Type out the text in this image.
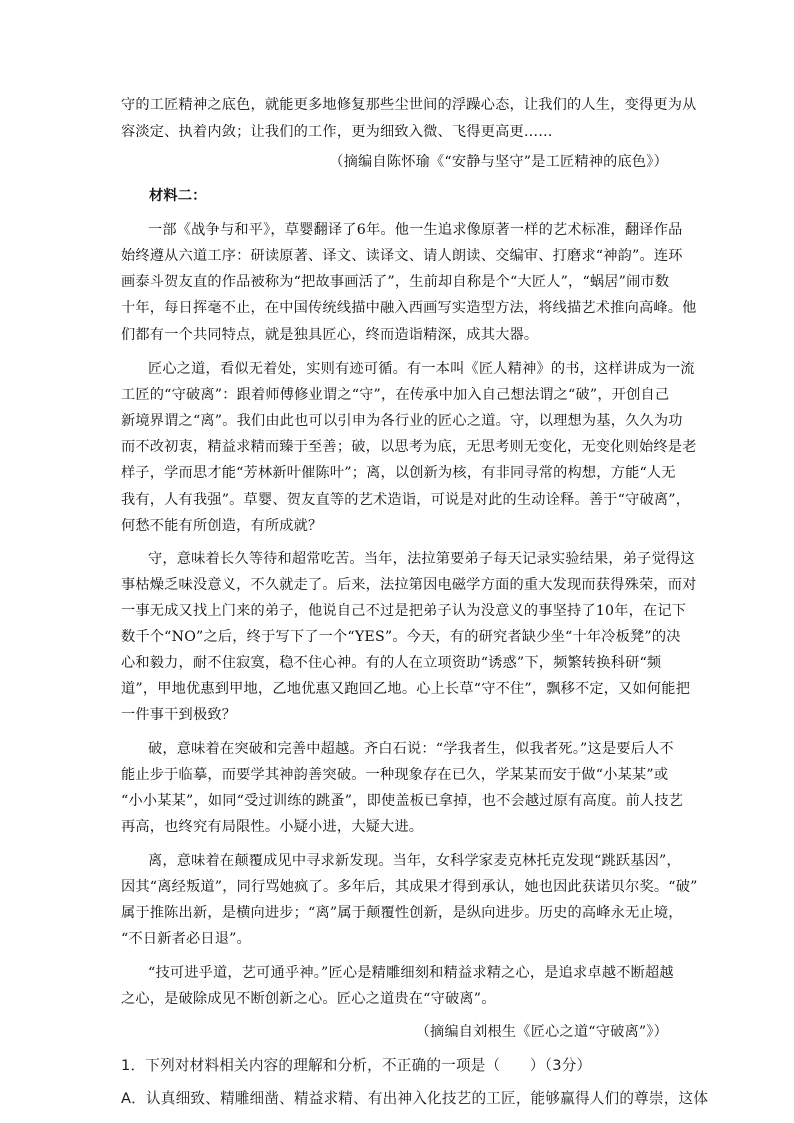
守的工匠精神之底色，就能更多地修复那些尘世间的浮躁心态，让我们的人生，变得更为从
容淡定、执着内敛；让我们的工作，更为细致入微、飞得更高更……
（摘编自陈怀瑜《“安静与坚守”是工匠精神的底色》）
材料二：
一部《战争与和平》，草婴翻译了6年。他一生追求像原著一样的艺术标准，翻译作品
始终遵从六道工序：研读原著、译文、读译文、请人朗读、交编审、打磨求“神韵”。连环
画泰斗贺友直的作品被称为“把故事画活了”，生前却自称是个“大匠人”，“蜗居”闹市数
十年，每日挥毫不止，在中国传统线描中融入西画写实造型方法，将线描艺术推向高峰。他
们都有一个共同特点，就是独具匠心，终而造诣精深，成其大器。
匠心之道，看似无着处，实则有迹可循。有一本叫《匠人精神》的书，这样讲成为一流
工匠的“守破离”：跟着师傅修业谓之“守”，在传承中加入自己想法谓之“破”，开创自己
新境界谓之“离”。我们由此也可以引申为各行业的匠心之道。守，以理想为基，久久为功
而不改初衷，精益求精而臻于至善；破，以思考为底，无思考则无变化，无变化则始终是老
样子，学而思才能“芳林新叶催陈叶”；离，以创新为核，有非同寻常的构想，方能“人无
我有，人有我强”。草婴、贺友直等的艺术造诣，可说是对此的生动诠释。善于“守破离”，
何愁不能有所创造，有所成就？
守，意味着长久等待和超常吃苦。当年，法拉第要弟子每天记录实验结果，弟子觉得这
事枯燥乏味没意义，不久就走了。后来，法拉第因电磁学方面的重大发现而获得殊荣，而对
一事无成又找上门来的弟子，他说自己不过是把弟子认为没意义的事坚持了10年，在记下
数千个“NO”之后，终于写下了一个“YES”。今天，有的研究者缺少坐“十年冷板凳”的决
心和毅力，耐不住寂寞，稳不住心神。有的人在立项资助“诱惑”下，频繁转换科研“频
道”，甲地优惠到甲地，乙地优惠又跑回乙地。心上长草“守不住”，飘移不定，又如何能把
一件事干到极致？
破，意味着在突破和完善中超越。齐白石说：“学我者生，似我者死。”这是要后人不
能止步于临摹，而要学其神韵善突破。一种现象存在已久，学某某而安于做“小某某”或
“小小某某”，如同“受过训练的跳蚤”，即使盖板已拿掉，也不会越过原有高度。前人技艺
再高，也终究有局限性。小疑小进，大疑大进。
离，意味着在颠覆成见中寻求新发现。当年，女科学家麦克林托克发现“跳跃基因”，
因其“离经叛道”，同行骂她疯了。多年后，其成果才得到承认，她也因此获诺贝尔奖。“破”
属于推陈出新，是横向进步；“离”属于颠覆性创新，是纵向进步。历史的高峰永无止境，
“不日新者必日退”。
“技可进乎道，艺可通乎神。”匠心是精雕细刻和精益求精之心，是追求卓越不断超越
之心，是破除成见不断创新之心。匠心之道贵在“守破离”。
（摘编自刘根生《匠心之道“守破离”》）
1．下列对材料相关内容的理解和分析，不正确的一项是（　　）（3分）
A．认真细致、精雕细凿、精益求精、有出神入化技艺的工匠，能够赢得人们的尊崇，这体
